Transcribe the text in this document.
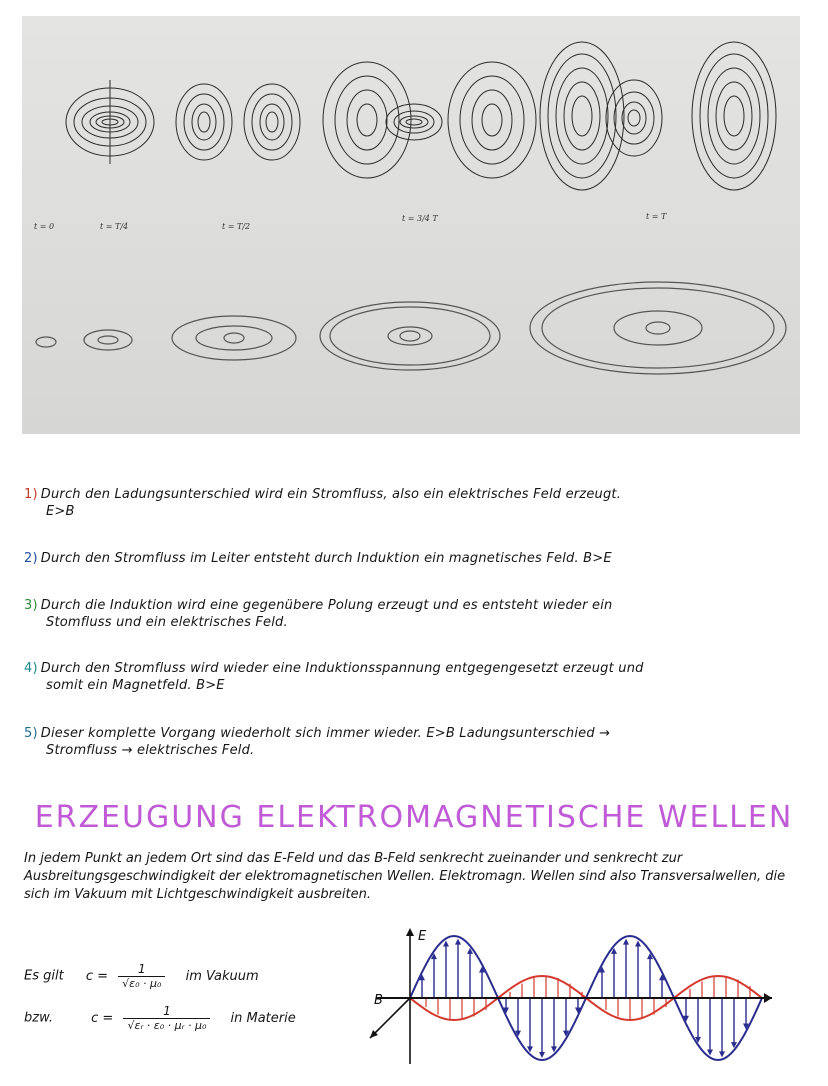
t = 0	t = T/4	t = T/2
t = 3/4 T	t = T
1) Durch den Ladungsunterschied wird ein Stromfluss, also ein elektrisches Feld erzeugt.
E>B
2) Durch den Stromfluss im Leiter entsteht durch Induktion ein magnetisches Feld. B>E
3) Durch die Induktion wird eine gegenübere Polung erzeugt und es entsteht wieder ein
Stomfluss und ein elektrisches Feld.
4) Durch den Stromfluss wird wieder eine Induktionsspannung entgegengesetzt erzeugt und
somit ein Magnetfeld. B>E
5) Dieser komplette Vorgang wiederholt sich immer wieder. E>B Ladungsunterschied →
Stromfluss → elektrisches Feld.
ERZEUGUNG ELEKTROMAGNETISCHE WELLEN
In jedem Punkt an jedem Ort sind das E-Feld und das B-Feld senkrecht zueinander und senkrecht zur Ausbreitungsgeschwindigkeit der elektromagnetischen Wellen. Elektromagn. Wellen sind also Transversalwellen, die sich im Vakuum mit Lichtgeschwindigkeit ausbreiten.
Es gilt $c = \frac{1}{\text{√ε₀ · μ₀}}$ im Vakuum
bzw.	$c = \frac{1}{\text{√εᵣ · ε₀ · μᵣ · μ₀}}$ in Materie
E
B
